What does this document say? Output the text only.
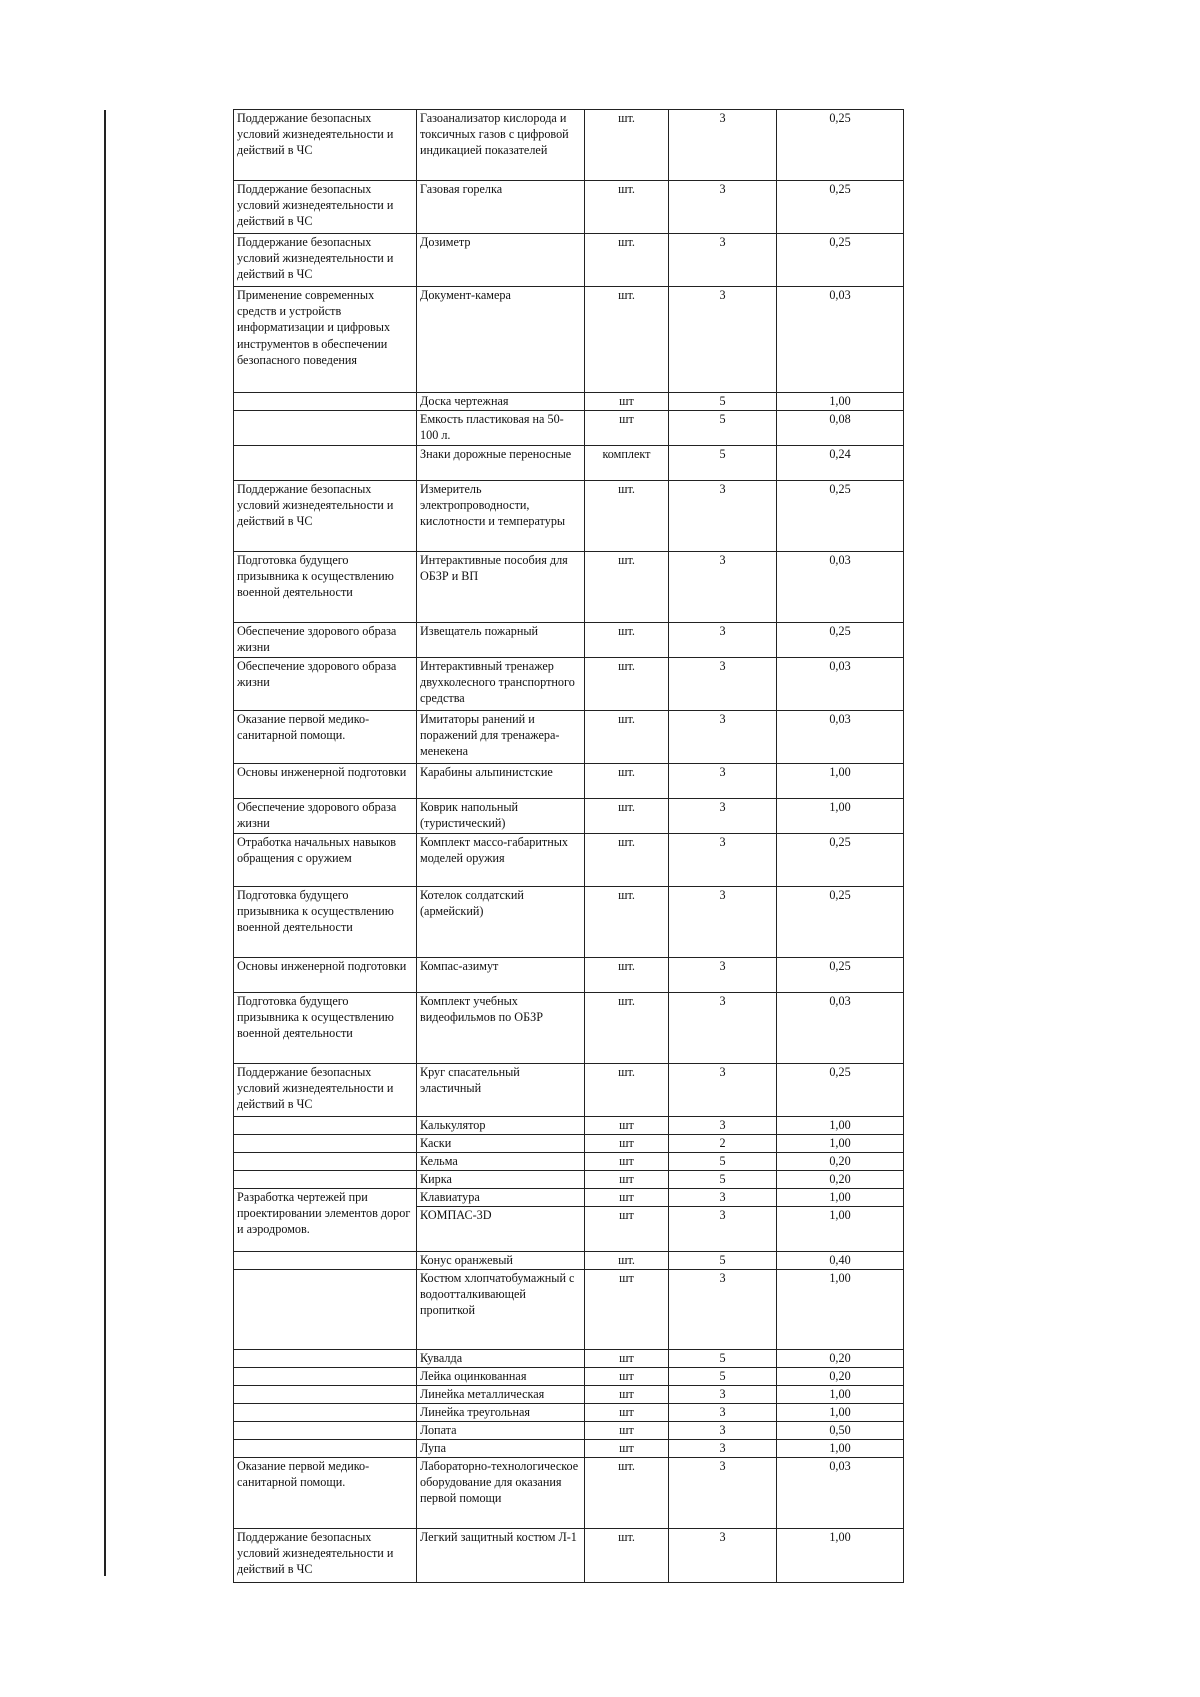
Поддержание безопасных условий жизнедеятельности и действий в ЧС	Газоанализатор кислорода и токсичных газов с цифровой индикацией показателей	шт.	3	0,25
Поддержание безопасных условий жизнедеятельности и действий в ЧС	Газовая горелка	шт.	3	0,25
Поддержание безопасных условий жизнедеятельности и действий в ЧС	Дозиметр	шт.	3	0,25
Применение современных средств и устройств информатизации и цифровых инструментов в обеспечении безопасного поведения	Документ-камера	шт.	3	0,03
	Доска чертежная	шт	5	1,00
	Емкость пластиковая на 50-100 л.	шт	5	0,08
	Знаки дорожные переносные	комплект	5	0,24
Поддержание безопасных условий жизнедеятельности и действий в ЧС	Измеритель электропроводности, кислотности и температуры	шт.	3	0,25
Подготовка будущего призывника к осуществлению военной деятельности	Интерактивные пособия для ОБЗР и ВП	шт.	3	0,03
Обеспечение здорового образа жизни	Извещатель пожарный	шт.	3	0,25
Обеспечение здорового образа жизни	Интерактивный тренажер двухколесного транспортного средства	шт.	3	0,03
Оказание первой медико-санитарной помощи.	Имитаторы ранений и поражений для тренажера-менекена	шт.	3	0,03
Основы инженерной подготовки	Карабины альпинистские	шт.	3	1,00
Обеспечение здорового образа жизни	Коврик напольный (туристический)	шт.	3	1,00
Отработка начальных навыков обращения с оружием	Комплект массо-габаритных моделей оружия	шт.	3	0,25
Подготовка будущего призывника к осуществлению военной деятельности	Котелок солдатский (армейский)	шт.	3	0,25
Основы инженерной подготовки	Компас-азимут	шт.	3	0,25
Подготовка будущего призывника к осуществлению военной деятельности	Комплект учебных видеофильмов по ОБЗР	шт.	3	0,03
Поддержание безопасных условий жизнедеятельности и действий в ЧС	Круг спасательный эластичный	шт.	3	0,25
	Калькулятор	шт	3	1,00
	Каски	шт	2	1,00
	Кельма	шт	5	0,20
	Кирка	шт	5	0,20
Разработка чертежей при проектировании элементов дорог и аэродромов.	Клавиатура	шт	3	1,00
	КОМПАС-3D	шт	3	1,00
	Конус оранжевый	шт.	5	0,40
	Костюм хлопчатобумажный с водоотталкивающей пропиткой	шт	3	1,00
	Кувалда	шт	5	0,20
	Лейка оцинкованная	шт	5	0,20
	Линейка металлическая	шт	3	1,00
	Линейка треугольная	шт	3	1,00
	Лопата	шт	3	0,50
	Лупа	шт	3	1,00
Оказание первой медико-санитарной помощи.	Лабораторно-технологическое оборудование для оказания первой помощи	шт.	3	0,03
Поддержание безопасных условий жизнедеятельности и действий в ЧС	Легкий защитный костюм Л-1	шт.	3	1,00
